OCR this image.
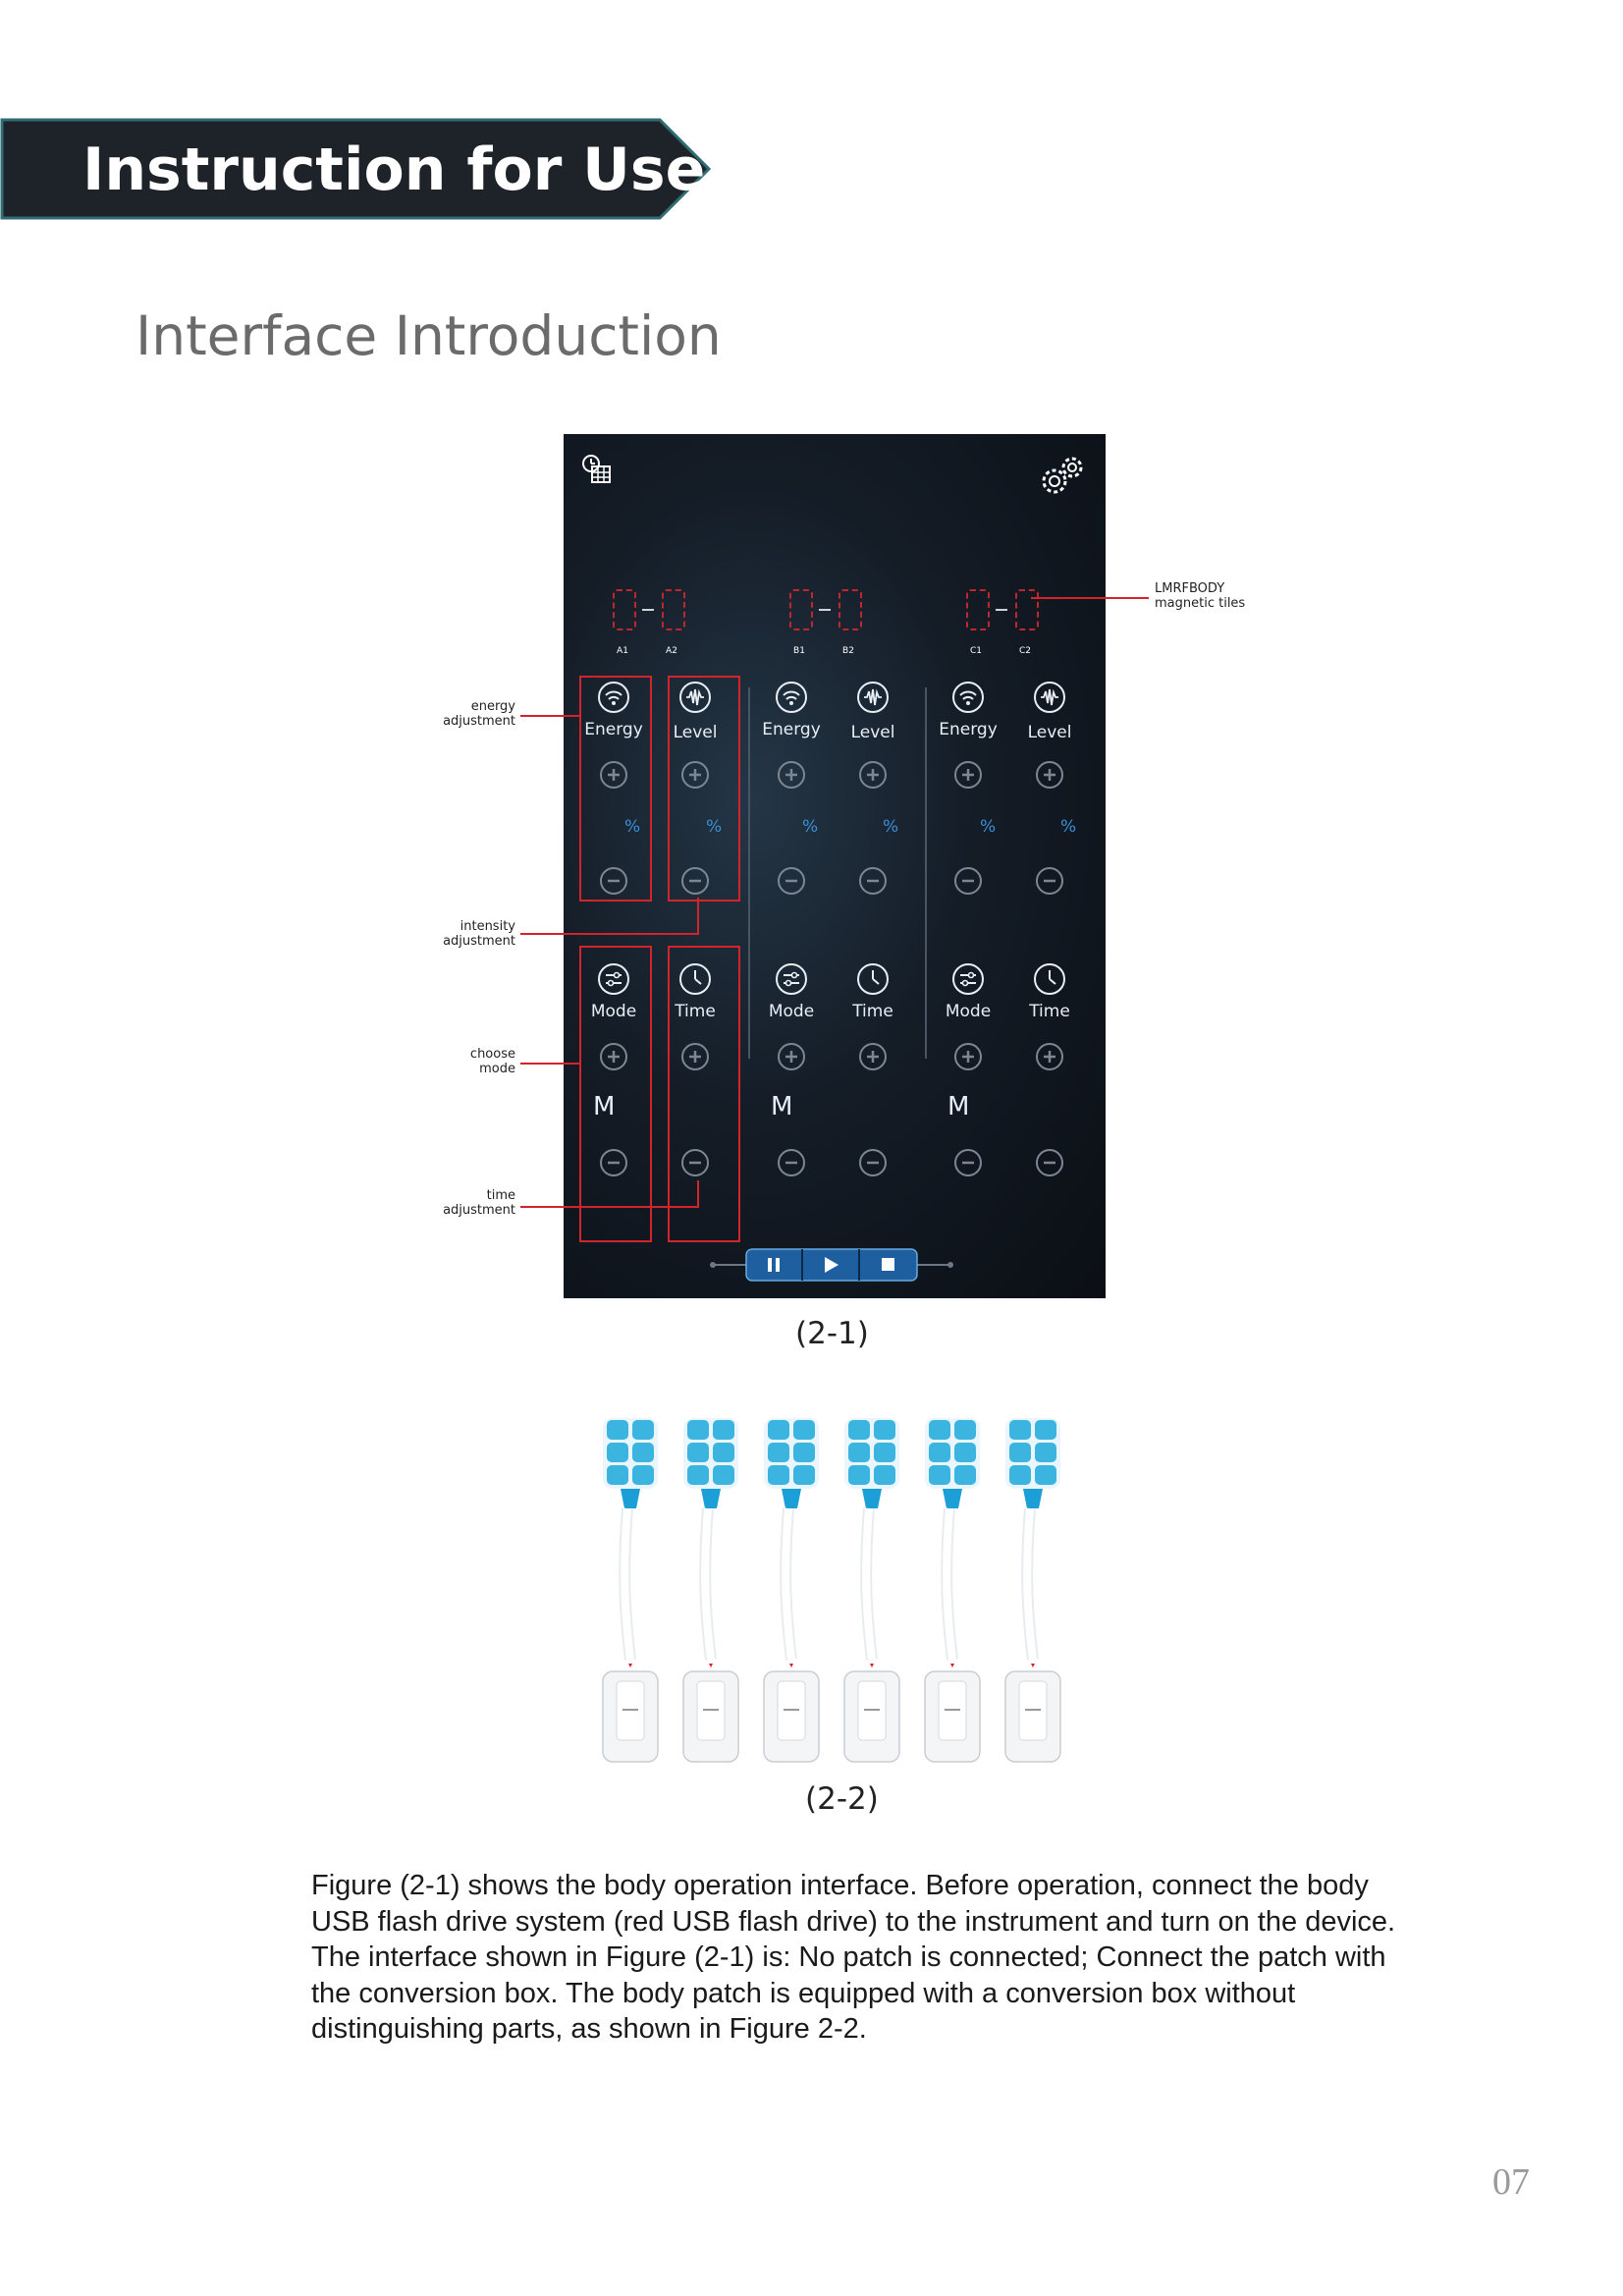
Instruction for Use
Interface Introduction
A1	A2	B1	B2	C1	C2
Energy	Level	Energy	Level	Energy	Level
%	%	%	%	%	%
Mode	Time	Mode	Time	Mode	Time
M	M	M
LMRFBODY
magnetic tiles
energy
adjustment
intensity
adjustment
choose
mode
time
adjustment
(2-1)
(2-2)
Figure (2-1) shows the body operation interface. Before operation, connect the body USB flash drive system (red USB flash drive) to the instrument and turn on the device. The interface shown in Figure (2-1) is: No patch is connected; Connect the patch with the conversion box. The body patch is equipped with a conversion box without distinguishing parts, as shown in Figure 2-2.
07
